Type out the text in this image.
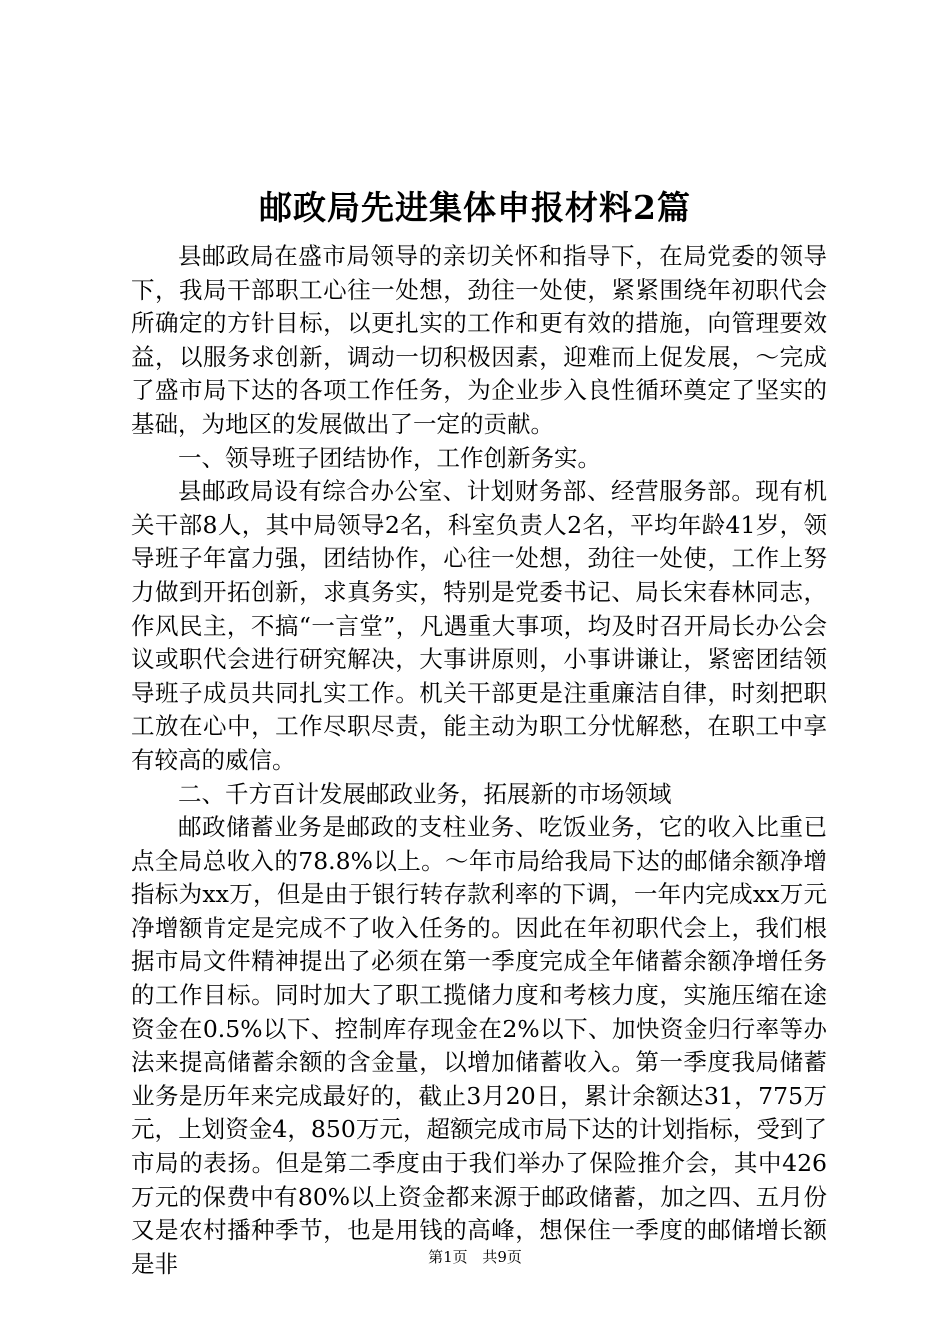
邮政局先进集体申报材料2篇

县邮政局在盛市局领导的亲切关怀和指导下，在局党委的领导下，我局干部职工心往一处想，劲往一处使，紧紧围绕年初职代会所确定的方针目标，以更扎实的工作和更有效的措施，向管理要效益，以服务求创新，调动一切积极因素，迎难而上促发展，～完成了盛市局下达的各项工作任务，为企业步入良性循环奠定了坚实的基础，为地区的发展做出了一定的贡献。

一、领导班子团结协作，工作创新务实。

县邮政局设有综合办公室、计划财务部、经营服务部。现有机关干部8人，其中局领导2名，科室负责人2名，平均年龄41岁，领导班子年富力强，团结协作，心往一处想，劲往一处使，工作上努力做到开拓创新，求真务实，特别是党委书记、局长宋春林同志，作风民主，不搞“一言堂”，凡遇重大事项，均及时召开局长办公会议或职代会进行研究解决，大事讲原则，小事讲谦让，紧密团结领导班子成员共同扎实工作。机关干部更是注重廉洁自律，时刻把职工放在心中，工作尽职尽责，能主动为职工分忧解愁，在职工中享有较高的威信。

二、千方百计发展邮政业务，拓展新的市场领域

邮政储蓄业务是邮政的支柱业务、吃饭业务，它的收入比重已点全局总收入的78.8%以上。～年市局给我局下达的邮储余额净增指标为xx万，但是由于银行转存款利率的下调，一年内完成xx万元净增额肯定是完成不了收入任务的。因此在年初职代会上，我们根据市局文件精神提出了必须在第一季度完成全年储蓄余额净增任务的工作目标。同时加大了职工揽储力度和考核力度，实施压缩在途资金在0.5%以下、控制库存现金在2%以下、加快资金归行率等办法来提高储蓄余额的含金量，以增加储蓄收入。第一季度我局储蓄业务是历年来完成最好的，截止3月20日，累计余额达31，775万元，上划资金4，850万元，超额完成市局下达的计划指标，受到了市局的表扬。但是第二季度由于我们举办了保险推介会，其中426万元的保费中有80%以上资金都来源于邮政储蓄，加之四、五月份又是农村播种季节，也是用钱的高峰，想保住一季度的邮储增长额是非	第1页 共9页
